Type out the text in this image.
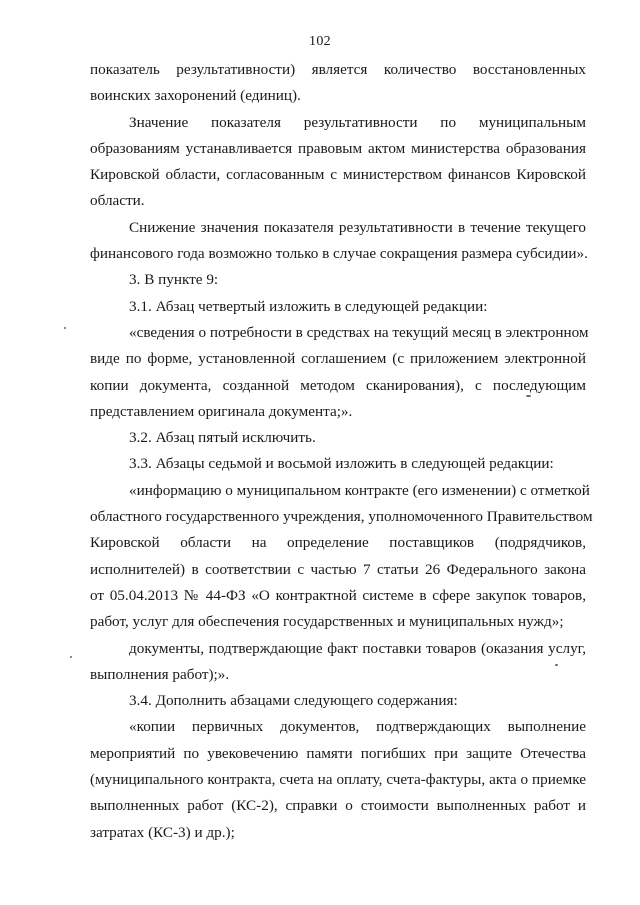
102
показатель результативности) является количество восстановленных
воинских захоронений (единиц).
Значение показателя результативности по муниципальным
образованиям устанавливается правовым актом министерства образования
Кировской области, согласованным с министерством финансов Кировской
области.
Снижение значения показателя результативности в течение текущего
финансового года возможно только в случае сокращения размера субсидии».
3. В пункте 9:
3.1. Абзац четвертый изложить в следующей редакции:
«сведения о потребности в средствах на текущий месяц в электронном
виде по форме, установленной соглашением (с приложением электронной
копии документа, созданной методом сканирования), с последующим
представлением оригинала документа;».
3.2. Абзац пятый исключить.
3.3. Абзацы седьмой и восьмой изложить в следующей редакции:
«информацию о муниципальном контракте (его изменении) с отметкой
областного государственного учреждения, уполномоченного Правительством
Кировской области на определение поставщиков (подрядчиков,
исполнителей) в соответствии с частью 7 статьи 26 Федерального закона
от 05.04.2013 № 44-ФЗ «О контрактной системе в сфере закупок товаров,
работ, услуг для обеспечения государственных и муниципальных нужд»;
документы, подтверждающие факт поставки товаров (оказания услуг,
выполнения работ);».
3.4. Дополнить абзацами следующего содержания:
«копии первичных документов, подтверждающих выполнение
мероприятий по увековечению памяти погибших при защите Отечества
(муниципального контракта, счета на оплату, счета-фактуры, акта о приемке
выполненных работ (КС-2), справки о стоимости выполненных работ и
затратах (КС-3) и др.);
